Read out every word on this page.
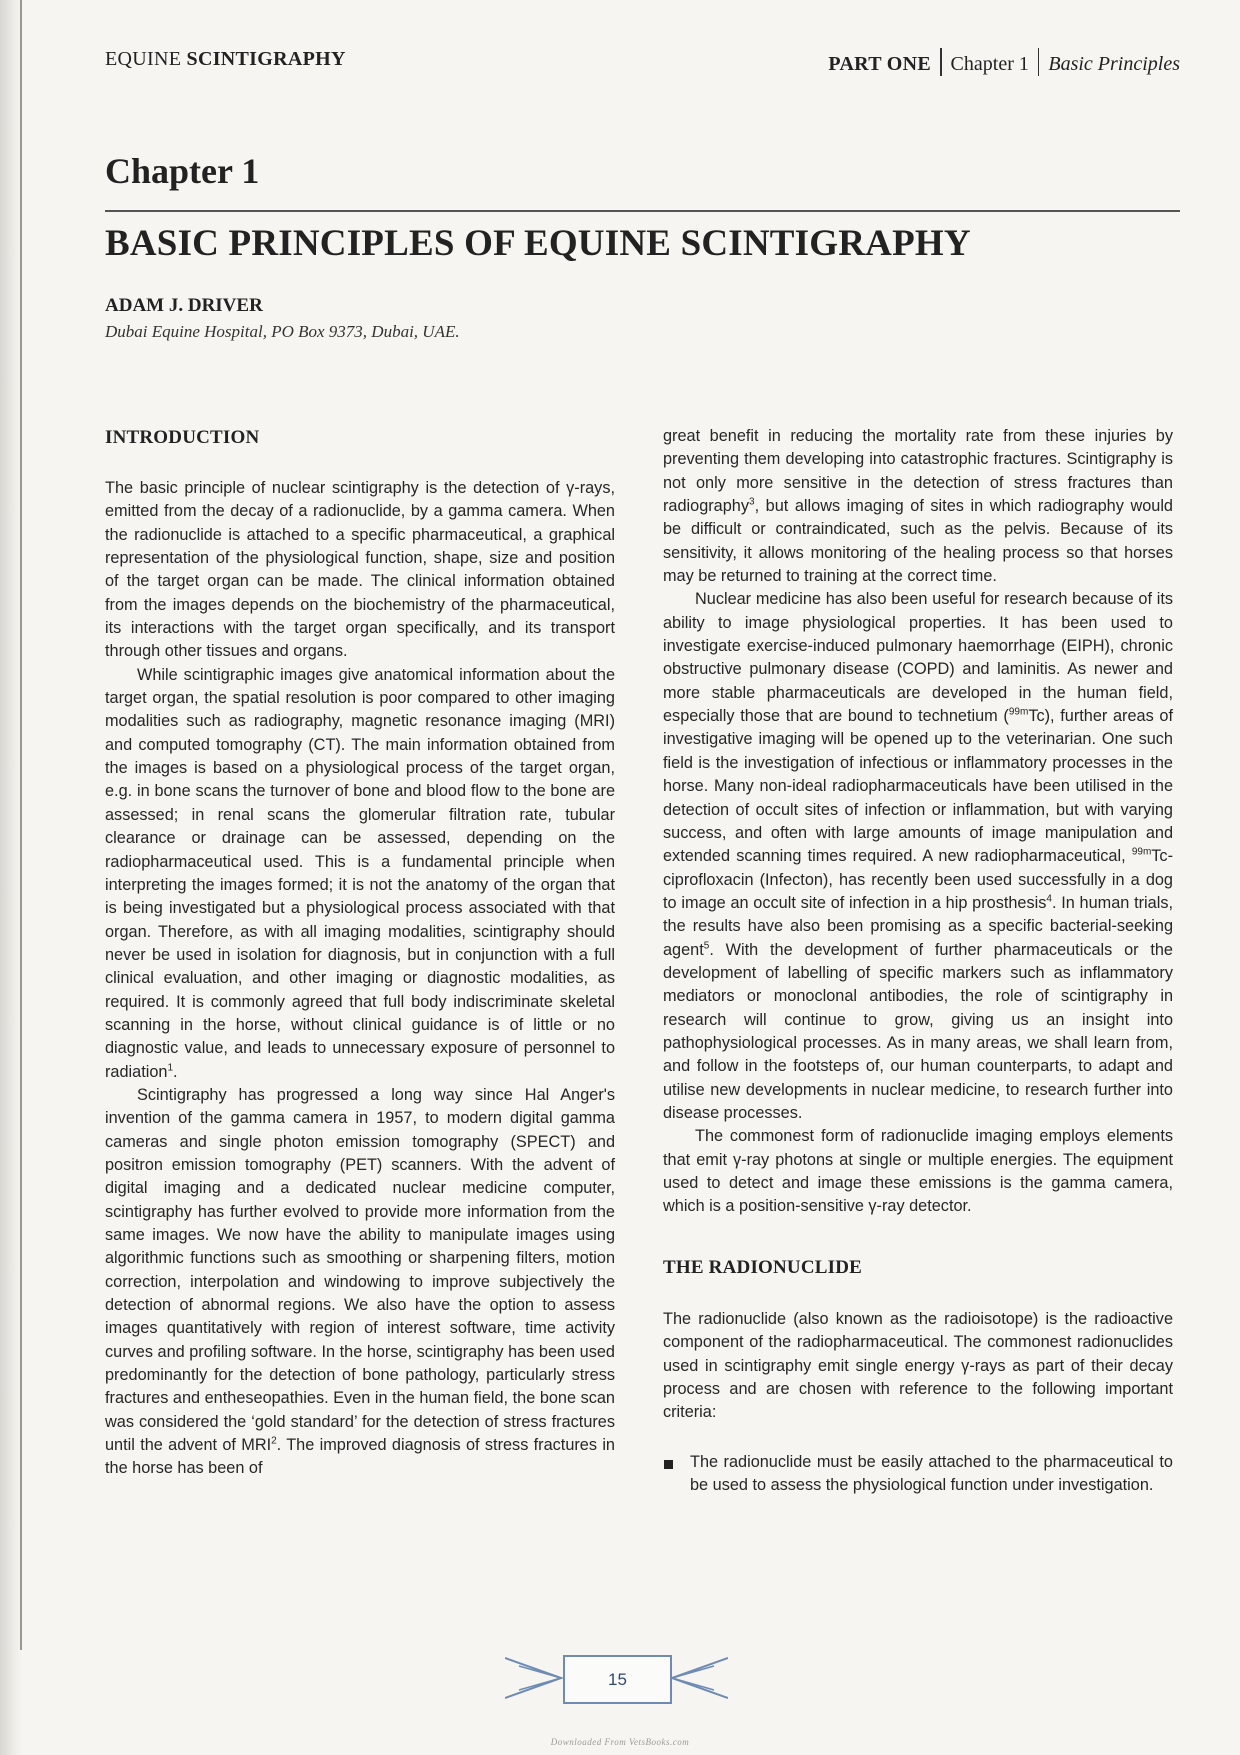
EQUINE SCINTIGRAPHY	PART ONE Chapter 1 Basic Principles
Chapter 1
BASIC PRINCIPLES OF EQUINE SCINTIGRAPHY
ADAM J. DRIVER
Dubai Equine Hospital, PO Box 9373, Dubai, UAE.
INTRODUCTION

The basic principle of nuclear scintigraphy is the detection of γ-rays, emitted from the decay of a radionuclide, by a gamma camera. When the radionuclide is attached to a specific pharmaceutical, a graphical representation of the physiological function, shape, size and position of the target organ can be made. The clinical information obtained from the images depends on the biochemistry of the pharmaceutical, its interactions with the target organ specifically, and its transport through other tissues and organs.

While scintigraphic images give anatomical information about the target organ, the spatial resolution is poor compared to other imaging modalities such as radiography, magnetic resonance imaging (MRI) and computed tomography (CT). The main information obtained from the images is based on a physiological process of the target organ, e.g. in bone scans the turnover of bone and blood flow to the bone are assessed; in renal scans the glomerular filtration rate, tubular clearance or drainage can be assessed, depending on the radiopharmaceutical used. This is a fundamental principle when interpreting the images formed; it is not the anatomy of the organ that is being investigated but a physiological process associated with that organ. Therefore, as with all imaging modalities, scintigraphy should never be used in isolation for diagnosis, but in conjunction with a full clinical evaluation, and other imaging or diagnostic modalities, as required. It is commonly agreed that full body indiscriminate skeletal scanning in the horse, without clinical guidance is of little or no diagnostic value, and leads to unnecessary exposure of personnel to radiation$^1$.

Scintigraphy has progressed a long way since Hal Anger's invention of the gamma camera in 1957, to modern digital gamma cameras and single photon emission tomography (SPECT) and positron emission tomography (PET) scanners. With the advent of digital imaging and a dedicated nuclear medicine computer, scintigraphy has further evolved to provide more information from the same images. We now have the ability to manipulate images using algorithmic functions such as smoothing or sharpening filters, motion correction, interpolation and windowing to improve subjectively the detection of abnormal regions. We also have the option to assess images quantitatively with region of interest software, time activity curves and profiling software. In the horse, scintigraphy has been used predominantly for the detection of bone pathology, particularly stress fractures and entheseopathies. Even in the human field, the bone scan was considered the ‘gold standard’ for the detection of stress fractures until the advent of MRI$^2$. The improved diagnosis of stress fractures in the horse has been of

great benefit in reducing the mortality rate from these injuries by preventing them developing into catastrophic fractures. Scintigraphy is not only more sensitive in the detection of stress fractures than radiography$^3$, but allows imaging of sites in which radiography would be difficult or contraindicated, such as the pelvis. Because of its sensitivity, it allows monitoring of the healing process so that horses may be returned to training at the correct time.

Nuclear medicine has also been useful for research because of its ability to image physiological properties. It has been used to investigate exercise-induced pulmonary haemorrhage (EIPH), chronic obstructive pulmonary disease (COPD) and laminitis. As newer and more stable pharmaceuticals are developed in the human field, especially those that are bound to technetium ($^{99m}$Tc), further areas of investigative imaging will be opened up to the veterinarian. One such field is the investigation of infectious or inflammatory processes in the horse. Many non-ideal radiopharmaceuticals have been utilised in the detection of occult sites of infection or inflammation, but with varying success, and often with large amounts of image manipulation and extended scanning times required. A new radiopharmaceutical, $^{99m}$Tc-ciprofloxacin (Infecton), has recently been used successfully in a dog to image an occult site of infection in a hip prosthesis$^4$. In human trials, the results have also been promising as a specific bacterial-seeking agent$^5$. With the development of further pharmaceuticals or the development of labelling of specific markers such as inflammatory mediators or monoclonal antibodies, the role of scintigraphy in research will continue to grow, giving us an insight into pathophysiological processes. As in many areas, we shall learn from, and follow in the footsteps of, our human counterparts, to adapt and utilise new developments in nuclear medicine, to research further into disease processes.

The commonest form of radionuclide imaging employs elements that emit γ-ray photons at single or multiple energies. The equipment used to detect and image these emissions is the gamma camera, which is a position-sensitive γ-ray detector.

THE RADIONUCLIDE

The radionuclide (also known as the radioisotope) is the radioactive component of the radiopharmaceutical. The commonest radionuclides used in scintigraphy emit single energy γ-rays as part of their decay process and are chosen with reference to the following important criteria:

The radionuclide must be easily attached to the pharmaceutical to be used to assess the physiological function under investigation.
15
Downloaded From VetsBooks.com
